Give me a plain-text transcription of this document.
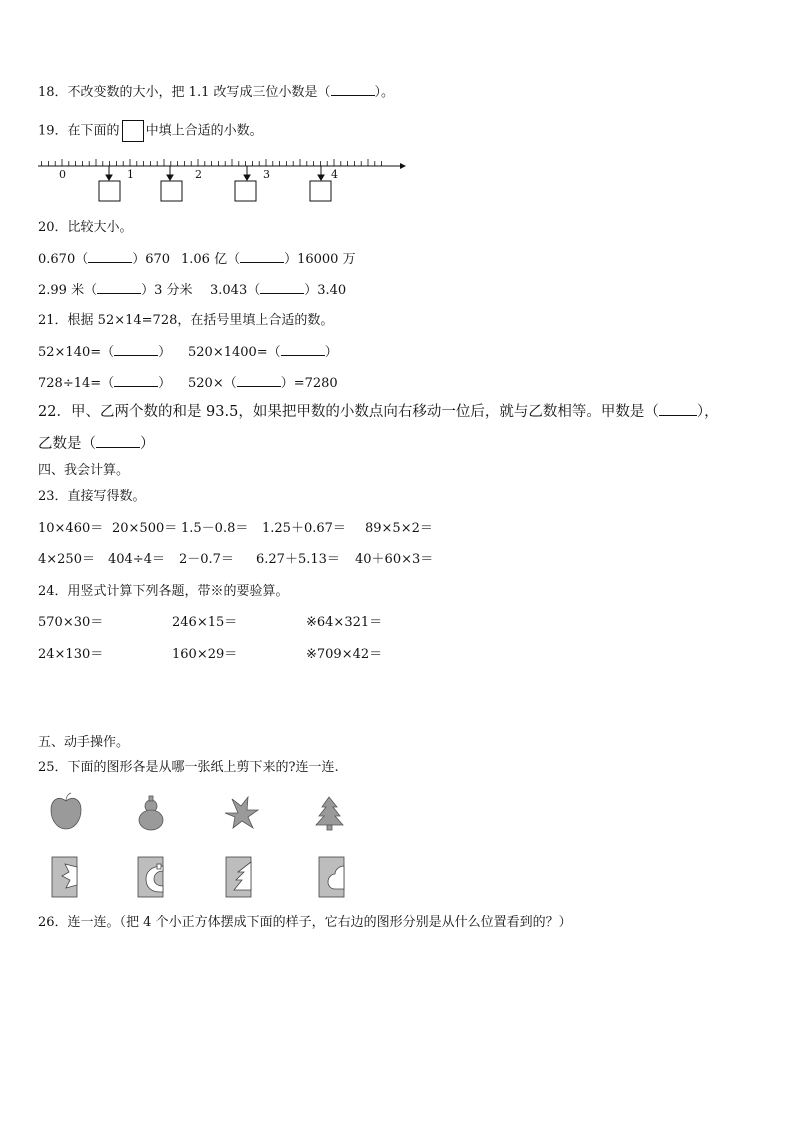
18．不改变数的大小，把 1.1 改写成三位小数是（	）。
19．在下面的 中填上合适的小数。
0	1	2	3	4
20．比较大小。
0.670（	）670 1.06 亿（	）16000 万
2.99 米（	）3 分米 3.043（	）3.40
21．根据 52×14=728，在括号里填上合适的数。
52×140=（	） 520×1400=（	）
728÷14=（	） 520×（	）=7280
22．甲、乙两个数的和是 93.5，如果把甲数的小数点向右移动一位后，就与乙数相等。甲数是（	），
乙数是（	）
四、我会计算。
23．直接写得数。
10×460＝ 20×500＝ 1.5－0.8＝ 1.25＋0.67＝ 89×5×2＝
4×250＝ 404÷4＝ 2－0.7＝ 6.27＋5.13＝ 40＋60×3＝
24．用竖式计算下列各题，带※的要验算。
570×30＝	246×15＝	※64×321＝
24×130＝	160×29＝	※709×42＝
五、动手操作。
25．下面的图形各是从哪一张纸上剪下来的?连一连.
26．连一连。（把 4 个小正方体摆成下面的样子，它右边的图形分别是从什么位置看到的？）
